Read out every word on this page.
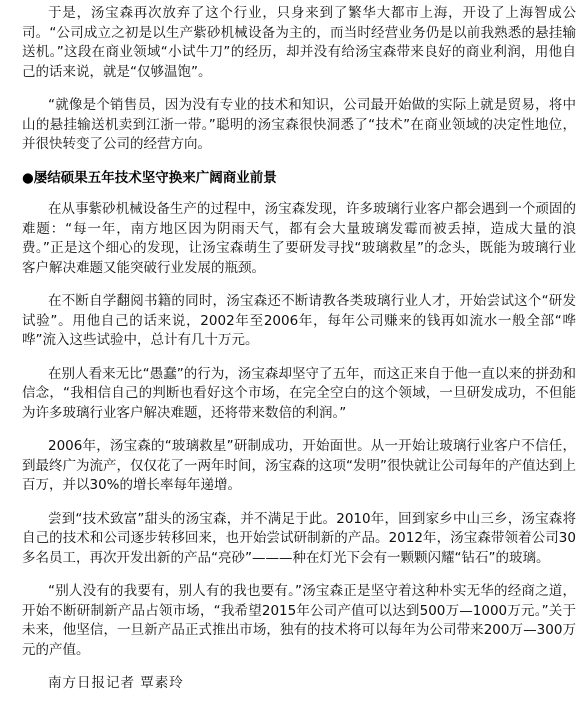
于是，汤宝森再次放弃了这个行业，只身来到了繁华大都市上海，开设了上海智成公司。“公司成立之初是以生产紫砂机械设备为主的，而当时经营业务仍是以前我熟悉的悬挂输送机。”这段在商业领域“小试牛刀”的经历，却并没有给汤宝森带来良好的商业利润，用他自己的话来说，就是“仅够温饱”。

“就像是个销售员，因为没有专业的技术和知识，公司最开始做的实际上就是贸易，将中山的悬挂输送机卖到江浙一带。”聪明的汤宝森很快洞悉了“技术”在商业领域的决定性地位，并很快转变了公司的经营方向。

●屡结硕果五年技术坚守换来广阔商业前景

在从事紫砂机械设备生产的过程中，汤宝森发现，许多玻璃行业客户都会遇到一个顽固的难题：“每一年，南方地区因为阴雨天气，都有会大量玻璃发霉而被丢掉，造成大量的浪费。”正是这个细心的发现，让汤宝森萌生了要研发寻找“玻璃救星”的念头，既能为玻璃行业客户解决难题又能突破行业发展的瓶颈。

在不断自学翻阅书籍的同时，汤宝森还不断请教各类玻璃行业人才，开始尝试这个“研发试验”。用他自己的话来说，2002年至2006年，每年公司赚来的钱再如流水一般全部“哗哗”流入这些试验中，总计有几十万元。

在别人看来无比“愚蠢”的行为，汤宝森却坚守了五年，而这正来自于他一直以来的拼劲和信念，“我相信自己的判断也看好这个市场，在完全空白的这个领域，一旦研发成功，不但能为许多玻璃行业客户解决难题，还将带来数倍的利润。”

2006年，汤宝森的“玻璃救星”研制成功，开始面世。从一开始让玻璃行业客户不信任，到最终广为流产，仅仅花了一两年时间，汤宝森的这项“发明”很快就让公司每年的产值达到上百万，并以30%的增长率每年递增。

尝到“技术致富”甜头的汤宝森，并不满足于此。2010年，回到家乡中山三乡，汤宝森将自己的技术和公司逐步转移回来，也开始尝试研制新的产品。2012年，汤宝森带领着公司30多名员工，再次开发出新的产品“亮砂”———种在灯光下会有一颗颗闪耀“钻石”的玻璃。

“别人没有的我要有，别人有的我也要有。”汤宝森正是坚守着这种朴实无华的经商之道，开始不断研制新产品占领市场，“我希望2015年公司产值可以达到500万—1000万元。”关于未来，他坚信，一旦新产品正式推出市场，独有的技术将可以每年为公司带来200万—300万元的产值。

南方日报记者 覃素玲
